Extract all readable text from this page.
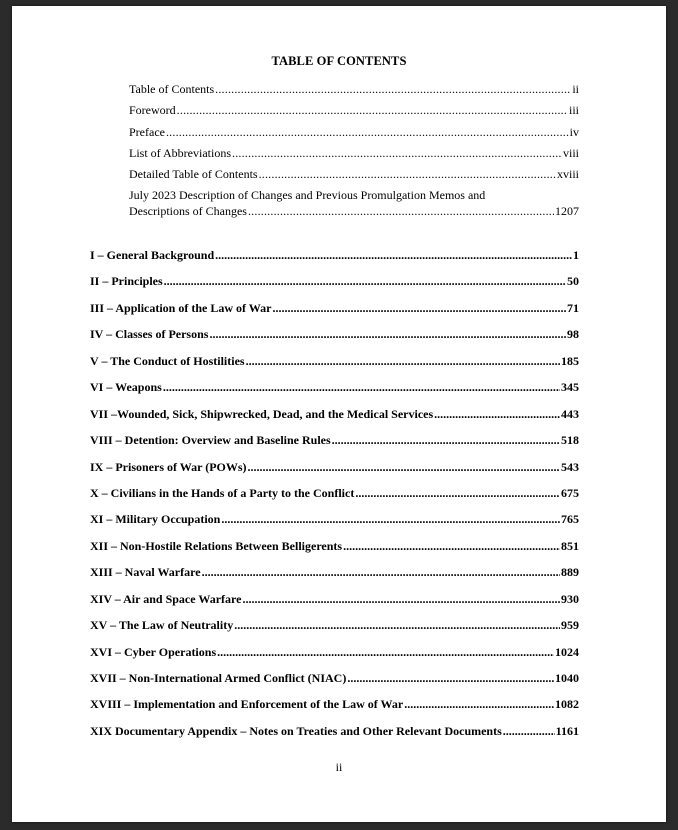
TABLE OF CONTENTS
Table of Contents .....	ii
Foreword .....	iii
Preface .....	iv
List of Abbreviations .....	viii
Detailed Table of Contents .....	xviii
July 2023 Description of Changes and Previous Promulgation Memos and
Descriptions of Changes .....	1207
I – General Background .....	1
II – Principles .....	50
III – Application of the Law of War .....	71
IV – Classes of Persons .....	98
V – The Conduct of Hostilities .....	185
VI – Weapons .....	345
VII –Wounded, Sick, Shipwrecked, Dead, and the Medical Services .....	443
VIII – Detention: Overview and Baseline Rules .....	518
IX – Prisoners of War (POWs) .....	543
X – Civilians in the Hands of a Party to the Conflict .....	675
XI – Military Occupation .....	765
XII – Non-Hostile Relations Between Belligerents .....	851
XIII – Naval Warfare .....	889
XIV – Air and Space Warfare .....	930
XV – The Law of Neutrality .....	959
XVI – Cyber Operations .....	1024
XVII – Non-International Armed Conflict (NIAC) .....	1040
XVIII – Implementation and Enforcement of the Law of War .....	1082
XIX Documentary Appendix – Notes on Treaties and Other Relevant Documents .....	1161
ii
